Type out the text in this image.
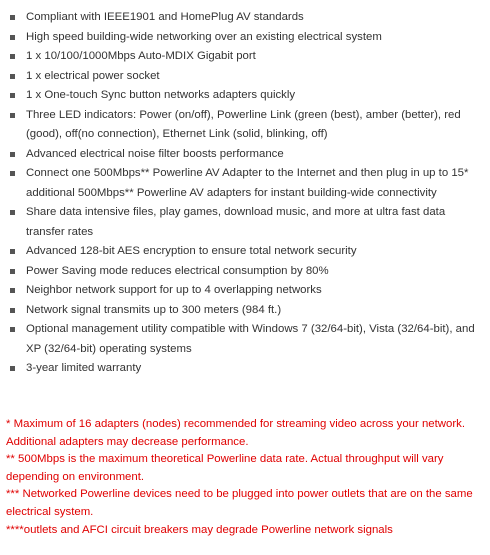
Compliant with IEEE1901 and HomePlug AV standards
High speed building-wide networking over an existing electrical system
1 x 10/100/1000Mbps Auto-MDIX Gigabit port
1 x electrical power socket
1 x One-touch Sync button networks adapters quickly
Three LED indicators: Power (on/off), Powerline Link (green (best), amber (better), red (good), off(no connection), Ethernet Link (solid, blinking, off)
Advanced electrical noise filter boosts performance
Connect one 500Mbps** Powerline AV Adapter to the Internet and then plug in up to 15* additional 500Mbps** Powerline AV adapters for instant building-wide connectivity
Share data intensive files, play games, download music, and more at ultra fast data transfer rates
Advanced 128-bit AES encryption to ensure total network security
Power Saving mode reduces electrical consumption by 80%
Neighbor network support for up to 4 overlapping networks
Network signal transmits up to 300 meters (984 ft.)
Optional management utility compatible with Windows 7 (32/64-bit), Vista (32/64-bit), and XP (32/64-bit) operating systems
3-year limited warranty

* Maximum of 16 adapters (nodes) recommended for streaming video across your network. Additional adapters may decrease performance.

** 500Mbps is the maximum theoretical Powerline data rate. Actual throughput will vary depending on environment.

*** Networked Powerline devices need to be plugged into power outlets that are on the same electrical system.

****outlets and AFCI circuit breakers may degrade Powerline network signals
